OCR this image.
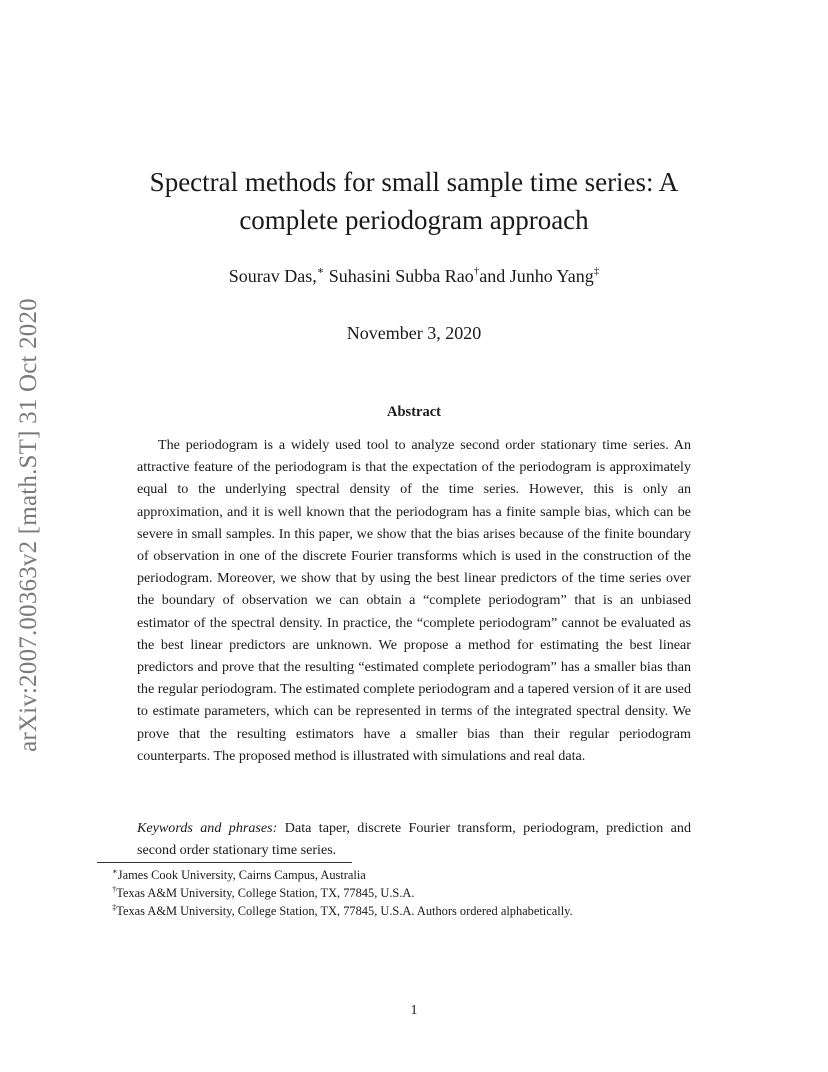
arXiv:2007.00363v2 [math.ST] 31 Oct 2020
Spectral methods for small sample time series: A
complete periodogram approach
Sourav Das,∗ Suhasini Subba Rao†and Junho Yang‡
November 3, 2020
Abstract

The periodogram is a widely used tool to analyze second order stationary time series. An attractive feature of the periodogram is that the expectation of the periodogram is approximately equal to the underlying spectral density of the time series. However, this is only an approximation, and it is well known that the periodogram has a finite sample bias, which can be severe in small samples. In this paper, we show that the bias arises because of the finite boundary of observation in one of the discrete Fourier transforms which is used in the construction of the periodogram. Moreover, we show that by using the best linear predictors of the time series over the boundary of observation we can obtain a “complete periodogram” that is an unbiased estimator of the spectral density. In practice, the “complete periodogram” cannot be evaluated as the best linear predictors are unknown. We propose a method for estimating the best linear predictors and prove that the resulting “estimated complete periodogram” has a smaller bias than the regular periodogram. The estimated complete periodogram and a tapered version of it are used to estimate parameters, which can be represented in terms of the integrated spectral density. We prove that the resulting estimators have a smaller bias than their regular periodogram counterparts. The proposed method is illustrated with simulations and real data.

Keywords and phrases: Data taper, discrete Fourier transform, periodogram, prediction and second order stationary time series.

∗James Cook University, Cairns Campus, Australia
†Texas A&M University, College Station, TX, 77845, U.S.A.
‡Texas A&M University, College Station, TX, 77845, U.S.A. Authors ordered alphabetically.
1
